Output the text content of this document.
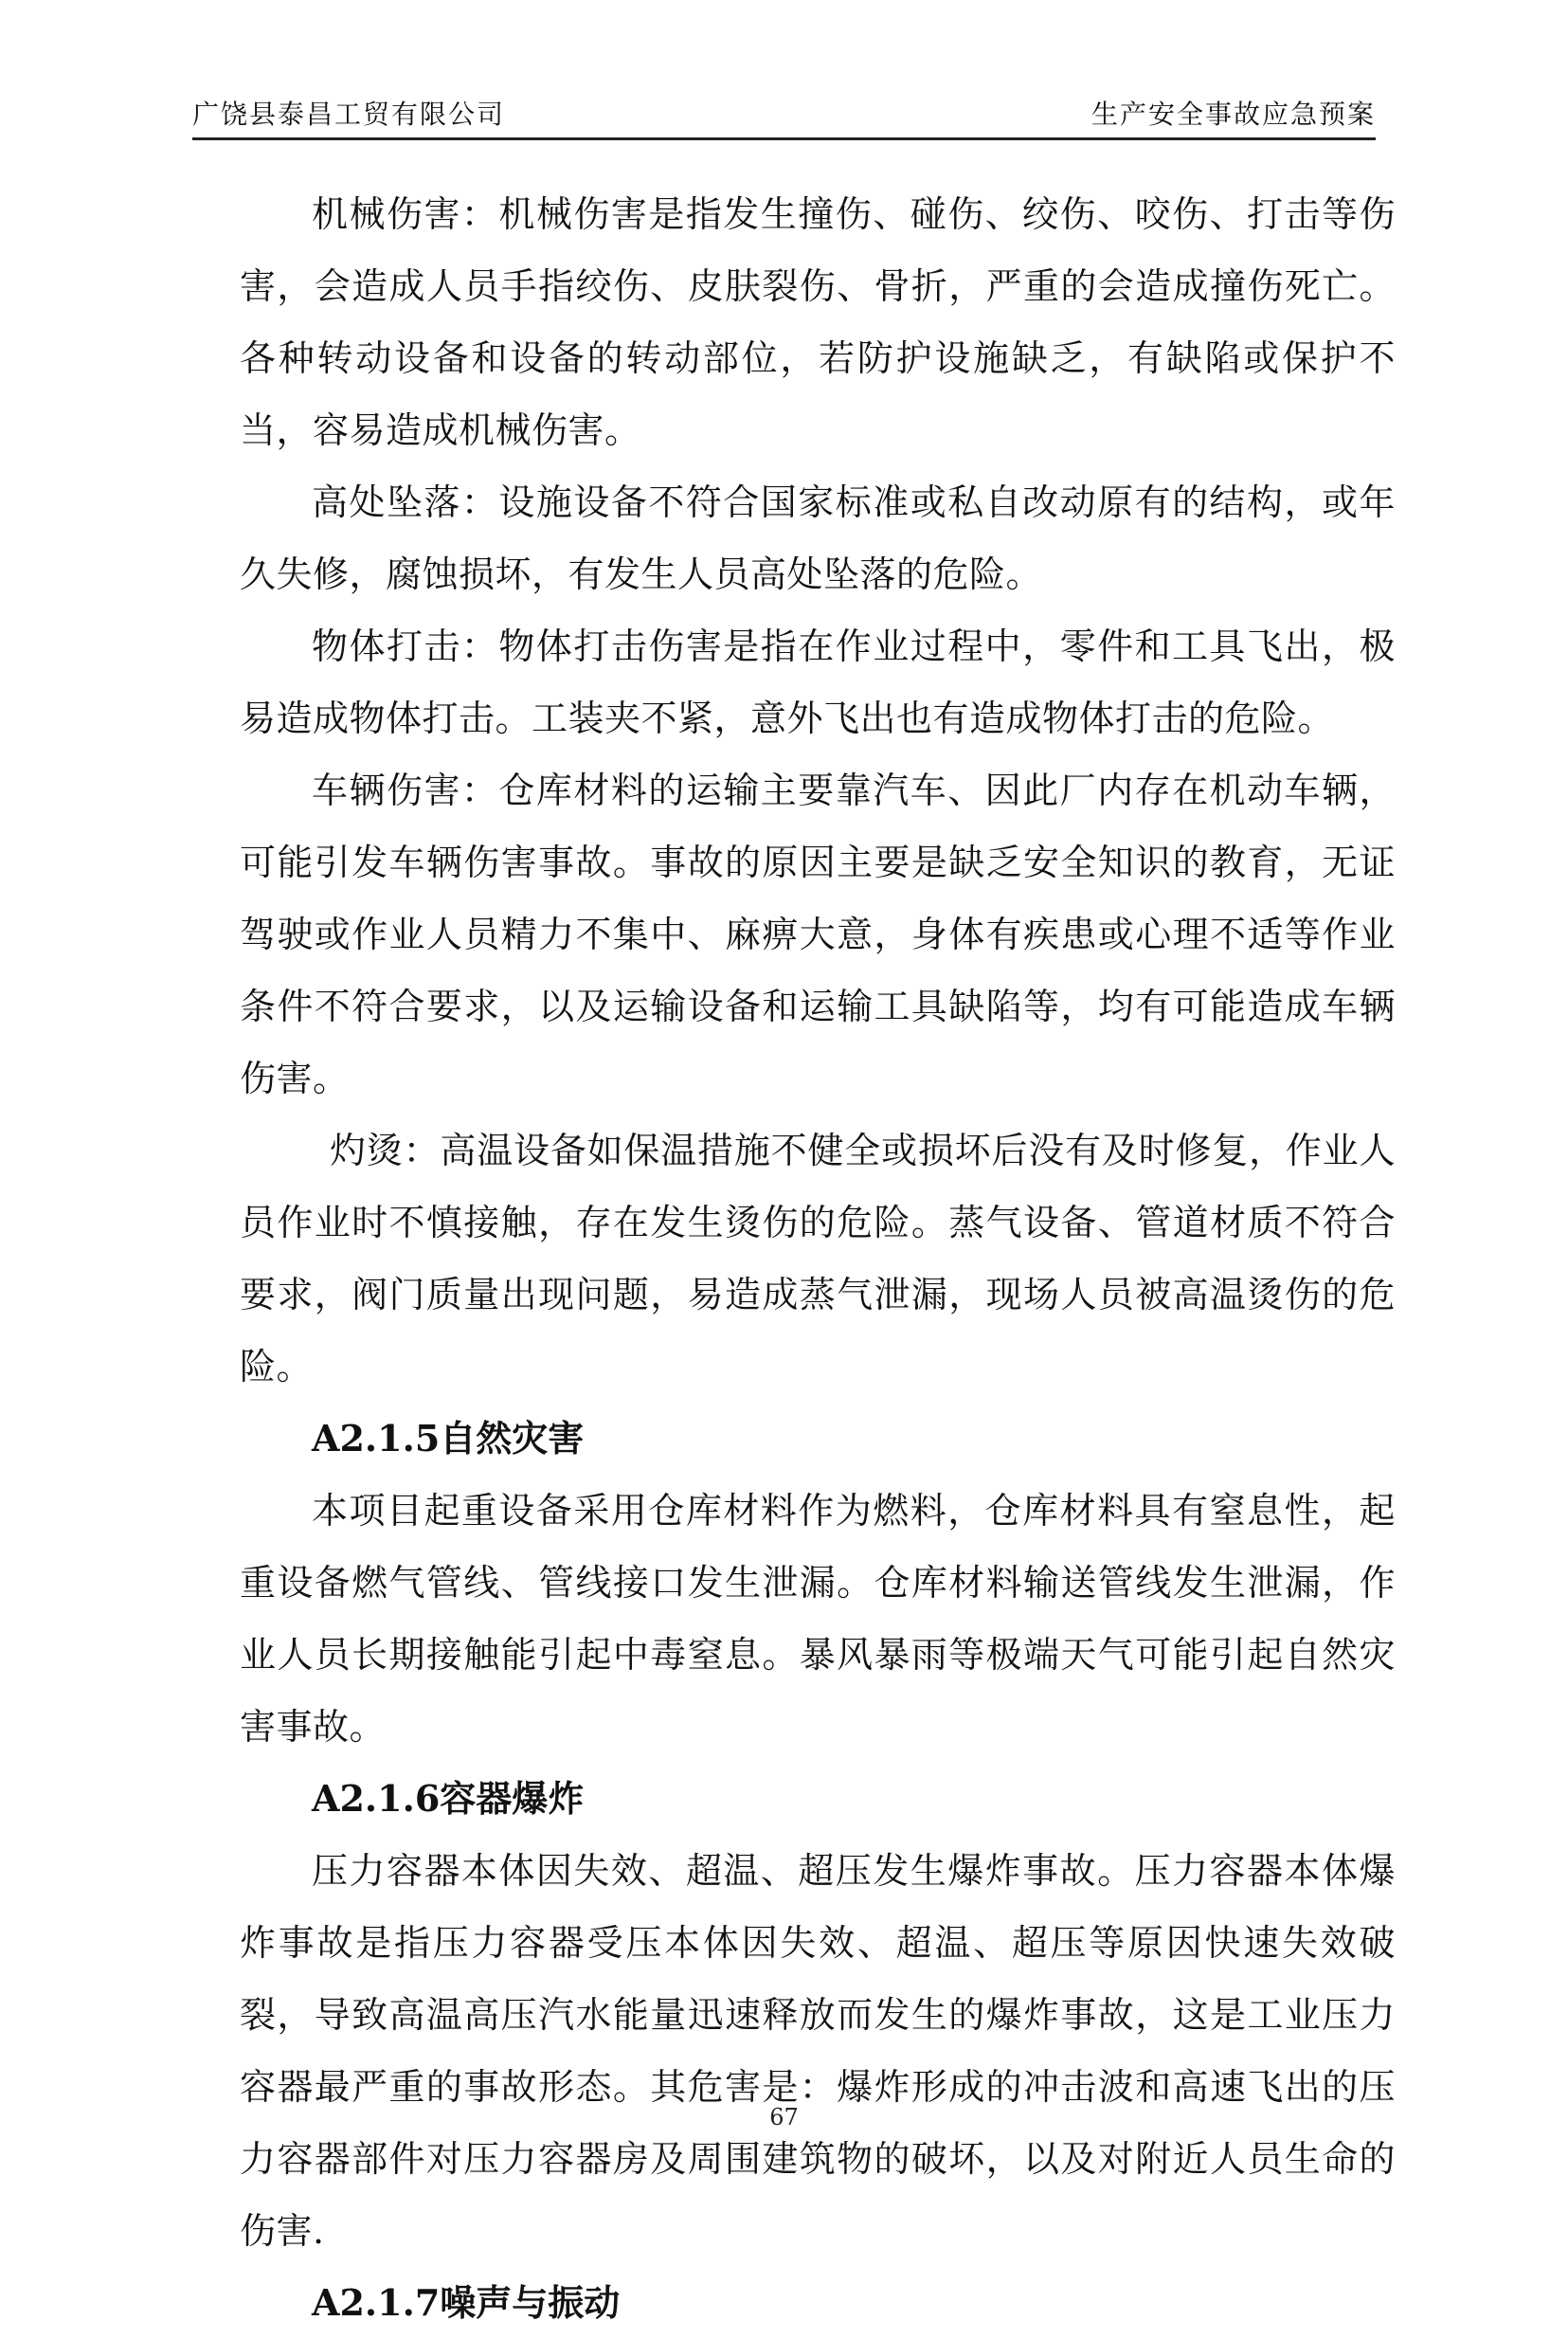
广饶县泰昌工贸有限公司	生产安全事故应急预案

机械伤害：机械伤害是指发生撞伤、碰伤、绞伤、咬伤、打击等伤害，会造成人员手指绞伤、皮肤裂伤、骨折，严重的会造成撞伤死亡。各种转动设备和设备的转动部位，若防护设施缺乏，有缺陷或保护不当，容易造成机械伤害。

高处坠落：设施设备不符合国家标准或私自改动原有的结构，或年久失修，腐蚀损坏，有发生人员高处坠落的危险。

物体打击：物体打击伤害是指在作业过程中，零件和工具飞出，极易造成物体打击。工装夹不紧，意外飞出也有造成物体打击的危险。

车辆伤害：仓库材料的运输主要靠汽车、因此厂内存在机动车辆，可能引发车辆伤害事故。事故的原因主要是缺乏安全知识的教育，无证驾驶或作业人员精力不集中、麻痹大意，身体有疾患或心理不适等作业条件不符合要求，以及运输设备和运输工具缺陷等，均有可能造成车辆伤害。

灼烫：高温设备如保温措施不健全或损坏后没有及时修复，作业人员作业时不慎接触，存在发生烫伤的危险。蒸气设备、管道材质不符合要求，阀门质量出现问题，易造成蒸气泄漏，现场人员被高温烫伤的危险。

A2.1.5自然灾害

本项目起重设备采用仓库材料作为燃料，仓库材料具有窒息性，起重设备燃气管线、管线接口发生泄漏。仓库材料输送管线发生泄漏，作业人员长期接触能引起中毒窒息。暴风暴雨等极端天气可能引起自然灾害事故。

A2.1.6容器爆炸

压力容器本体因失效、超温、超压发生爆炸事故。压力容器本体爆炸事故是指压力容器受压本体因失效、超温、超压等原因快速失效破裂，导致高温高压汽水能量迅速释放而发生的爆炸事故，这是工业压力容器最严重的事故形态。其危害是：爆炸形成的冲击波和高速飞出的压力容器部件对压力容器房及周围建筑物的破坏，以及对附近人员生命的伤害.

A2.1.7噪声与振动

67
